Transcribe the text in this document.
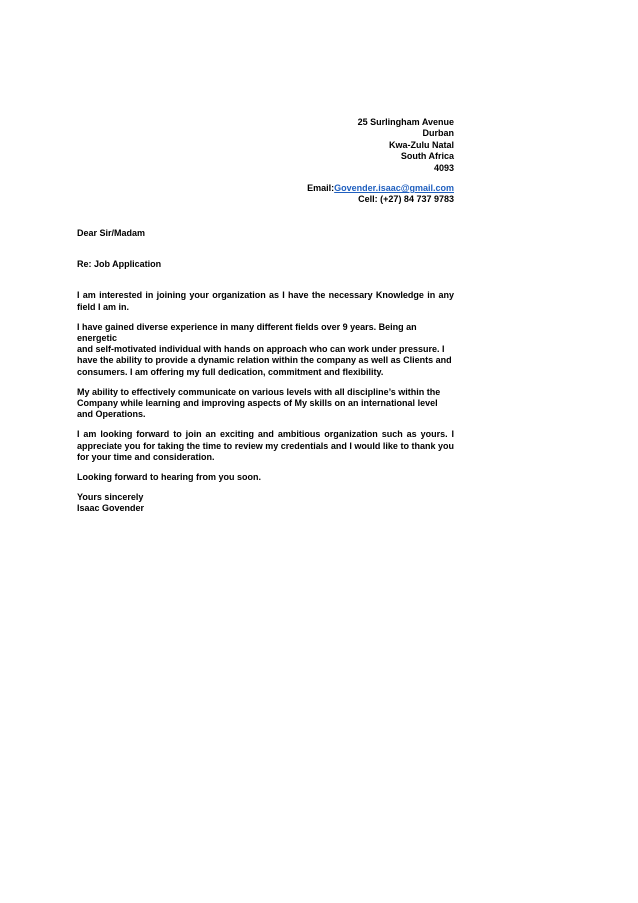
25 Surlingham Avenue
Durban
Kwa-Zulu Natal
South Africa
4093
Email:Govender.isaac@gmail.com
Cell: (+27) 84 737 9783

Dear Sir/Madam

Re: Job Application

I am interested in joining your organization as I have the necessary Knowledge in any field I am in.

I have gained diverse experience in many different fields over 9 years. Being an energetic
and self-motivated individual with hands on approach who can work under pressure. I
have the ability to provide a dynamic relation within the company as well as Clients and
consumers. I am offering my full dedication, commitment and flexibility.

My ability to effectively communicate on various levels with all discipline’s within the
Company while learning and improving aspects of My skills on an international level
and Operations.

I am looking forward to join an exciting and ambitious organization such as yours. I appreciate you for taking the time to review my credentials and I would like to thank you for your time and consideration.

Looking forward to hearing from you soon.

Yours sincerely

Isaac Govender
